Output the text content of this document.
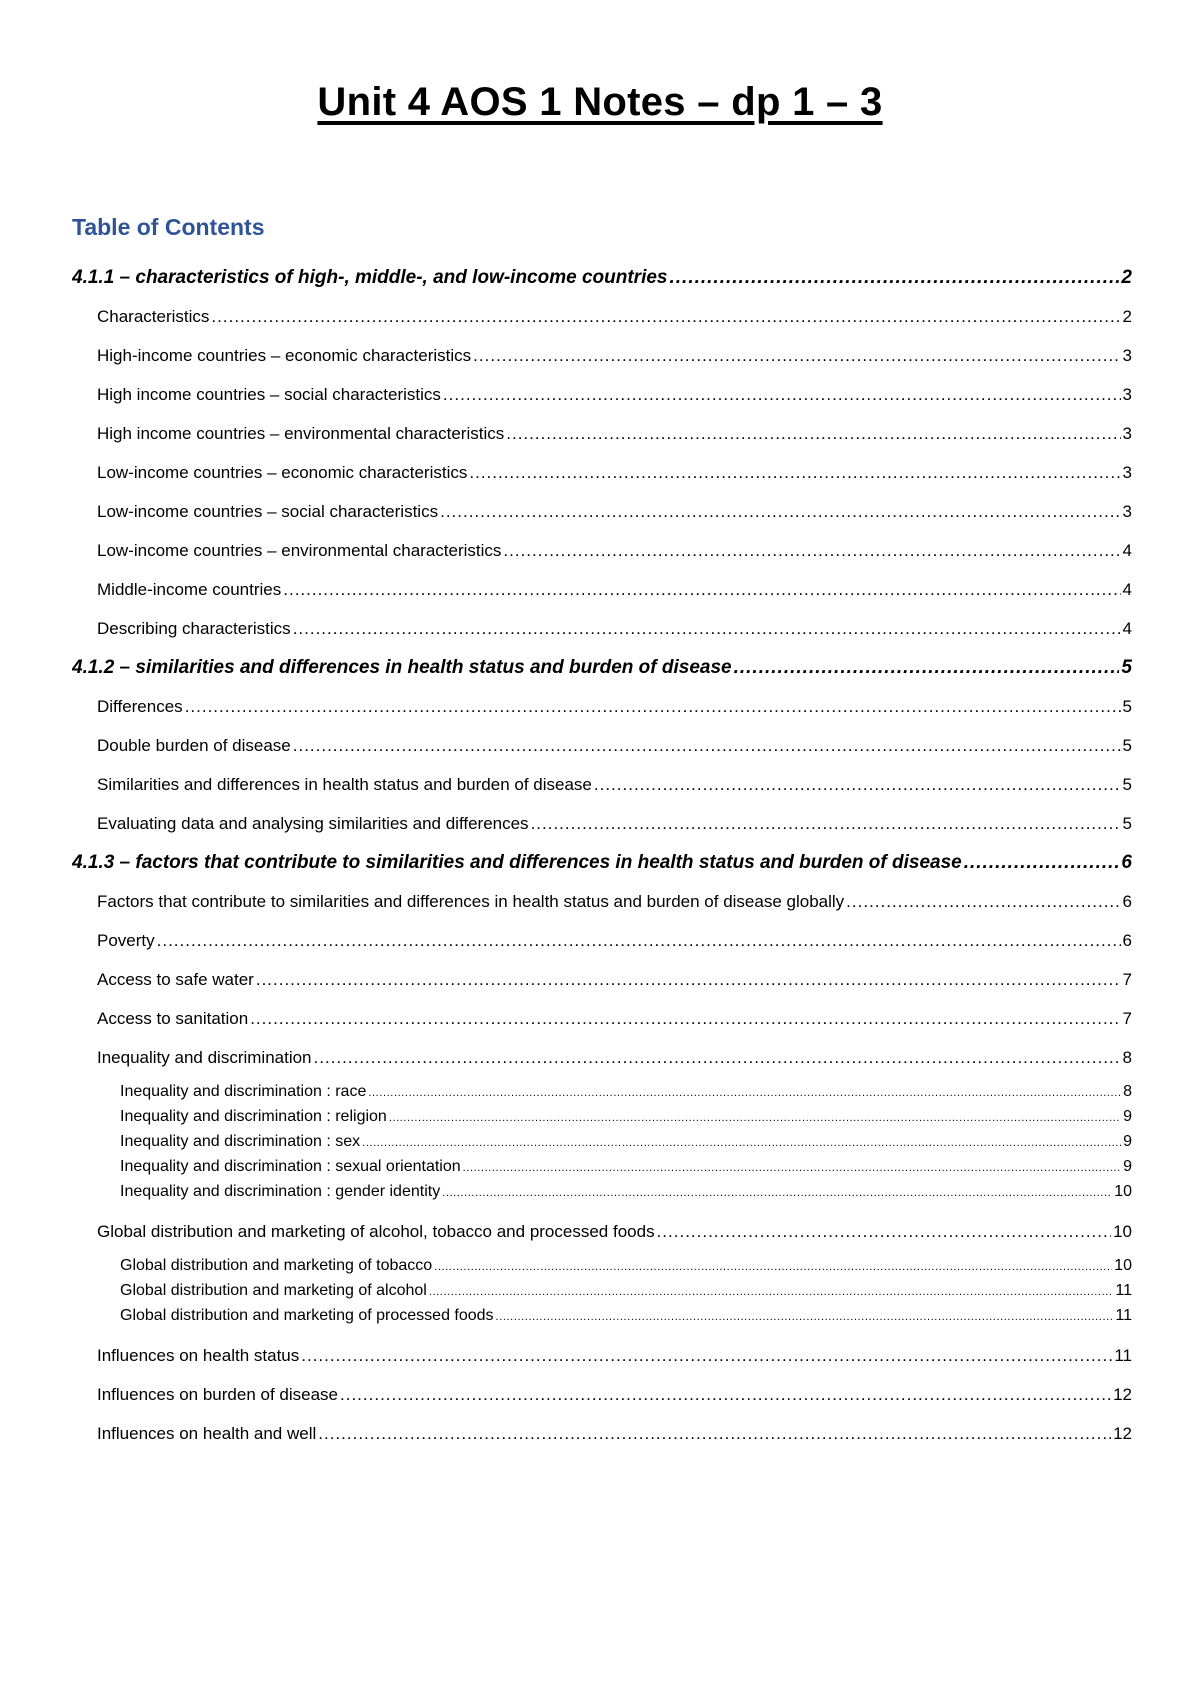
Unit 4 AOS 1 Notes – dp 1 – 3
Table of Contents
4.1.1 – characteristics of high-, middle-, and low-income countries .....	2
Characteristics .....	2
High-income countries – economic characteristics .....	3
High income countries – social characteristics .....	3
High income countries – environmental characteristics .....	3
Low-income countries – economic characteristics .....	3
Low-income countries – social characteristics .....	3
Low-income countries – environmental characteristics .....	4
Middle-income countries .....	4
Describing characteristics .....	4
4.1.2 – similarities and differences in health status and burden of disease .....	5
Differences .....	5
Double burden of disease .....	5
Similarities and differences in health status and burden of disease .....	5
Evaluating data and analysing similarities and differences .....	5
4.1.3 – factors that contribute to similarities and differences in health status and burden of disease .....	6
Factors that contribute to similarities and differences in health status and burden of disease globally .....	6
Poverty .....	6
Access to safe water .....	7
Access to sanitation .....	7
Inequality and discrimination .....	8
Inequality and discrimination : race .....	8
Inequality and discrimination : religion .....	9
Inequality and discrimination : sex .....	9
Inequality and discrimination : sexual orientation .....	9
Inequality and discrimination : gender identity .....	10
Global distribution and marketing of alcohol, tobacco and processed foods .....	10
Global distribution and marketing of tobacco .....	10
Global distribution and marketing of alcohol .....	11
Global distribution and marketing of processed foods .....	11
Influences on health status .....	11
Influences on burden of disease .....	12
Influences on health and well .....	12
